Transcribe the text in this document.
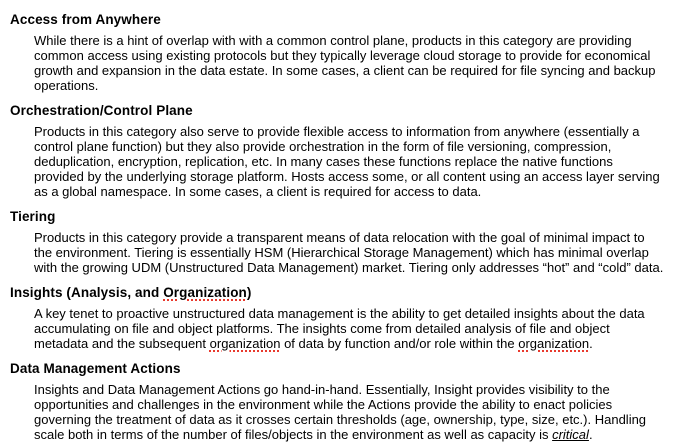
Access from Anywhere

While there is a hint of overlap with with a common control plane, products in this category are providing common access using existing protocols but they typically leverage cloud storage to provide for economical growth and expansion in the data estate. In some cases, a client can be required for file syncing and backup operations.

Orchestration/Control Plane

Products in this category also serve to provide flexible access to information from anywhere (essentially a control plane function) but they also provide orchestration in the form of file versioning, compression, deduplication, encryption, replication, etc. In many cases these functions replace the native functions provided by the underlying storage platform. Hosts access some, or all content using an access layer serving as a global namespace. In some cases, a client is required for access to data.

Tiering

Products in this category provide a transparent means of data relocation with the goal of minimal impact to the environment. Tiering is essentially HSM (Hierarchical Storage Management) which has minimal overlap with the growing UDM (Unstructured Data Management) market. Tiering only addresses “hot” and “cold” data.

Insights (Analysis, and Organization)

A key tenet to proactive unstructured data management is the ability to get detailed insights about the data accumulating on file and object platforms. The insights come from detailed analysis of file and object metadata and the subsequent organization of data by function and/or role within the organization.

Data Management Actions

Insights and Data Management Actions go hand-in-hand. Essentially, Insight provides visibility to the opportunities and challenges in the environment while the Actions provide the ability to enact policies governing the treatment of data as it crosses certain thresholds (age, ownership, type, size, etc.). Handling scale both in terms of the number of files/objects in the environment as well as capacity is critical.
